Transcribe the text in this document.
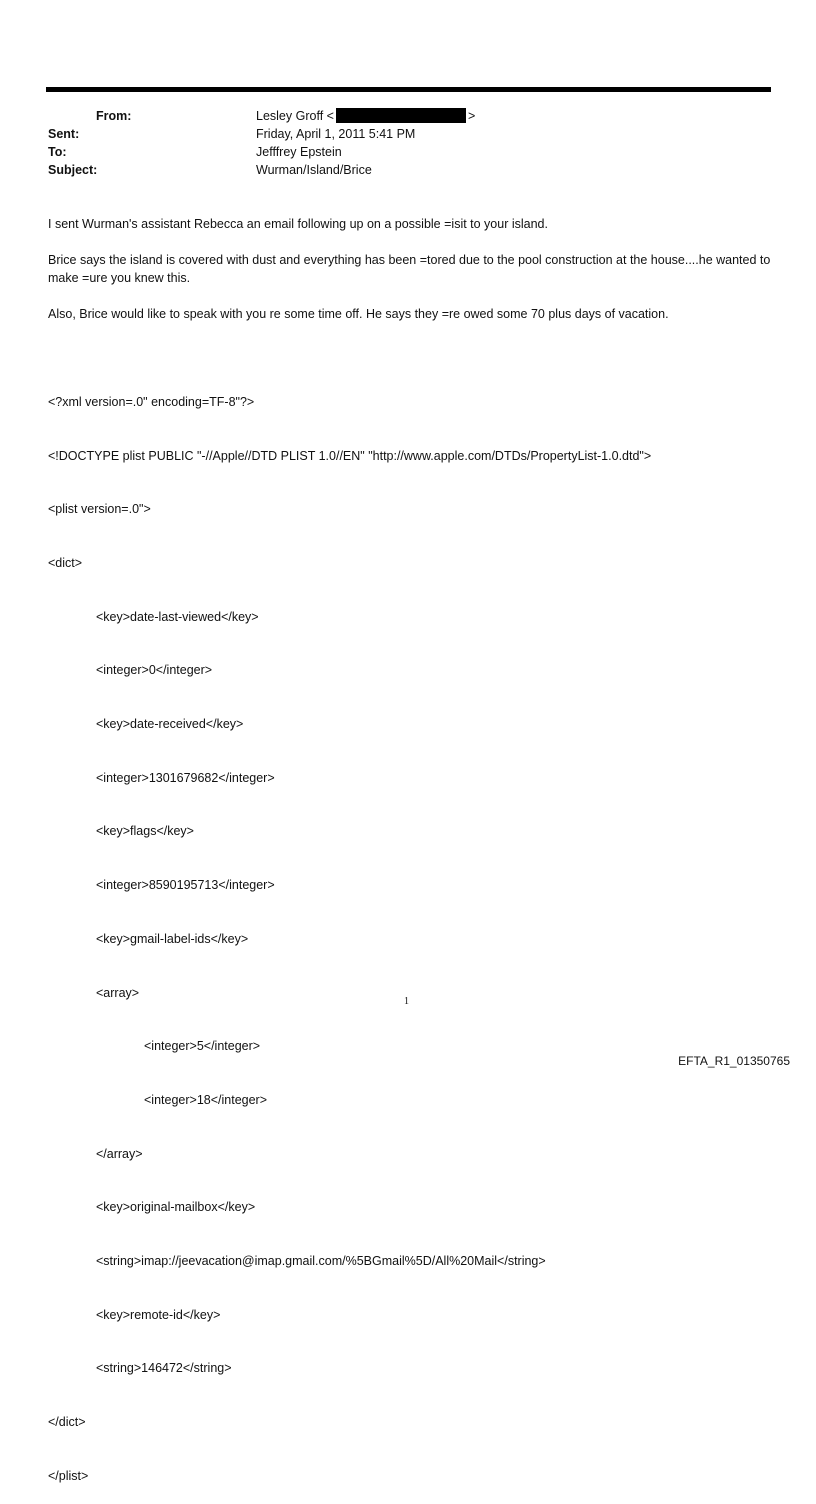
From:	Lesley Groff <	>
Sent:	Friday, April 1, 2011 5:41 PM
To:	Jefffrey Epstein
Subject:	Wurman/Island/Brice
I sent Wurman's assistant Rebecca an email following up on a possible =isit to your island.
Brice says the island is covered with dust and everything has been =tored due to the pool construction at the house....he wanted to make =ure you knew this.
Also, Brice would like to speak with you re some time off. He says they =re owed some 70 plus days of vacation.

<?xml version=.0" encoding=TF-8"?>

<!DOCTYPE plist PUBLIC "-//Apple//DTD PLIST 1.0//EN" "http://www.apple.com/DTDs/PropertyList-1.0.dtd">

<plist version=.0">

<dict>

<key>date-last-viewed</key>

<integer>0</integer>

<key>date-received</key>

<integer>1301679682</integer>

<key>flags</key>

<integer>8590195713</integer>

<key>gmail-label-ids</key>

<array>

<integer>5</integer>

<integer>18</integer>

</array>

<key>original-mailbox</key>

<string>imap://jeevacation@imap.gmail.com/%5BGmail%5D/All%20Mail</string>

<key>remote-id</key>

<string>146472</string>

</dict>

</plist>

1
EFTA_R1_01350765
